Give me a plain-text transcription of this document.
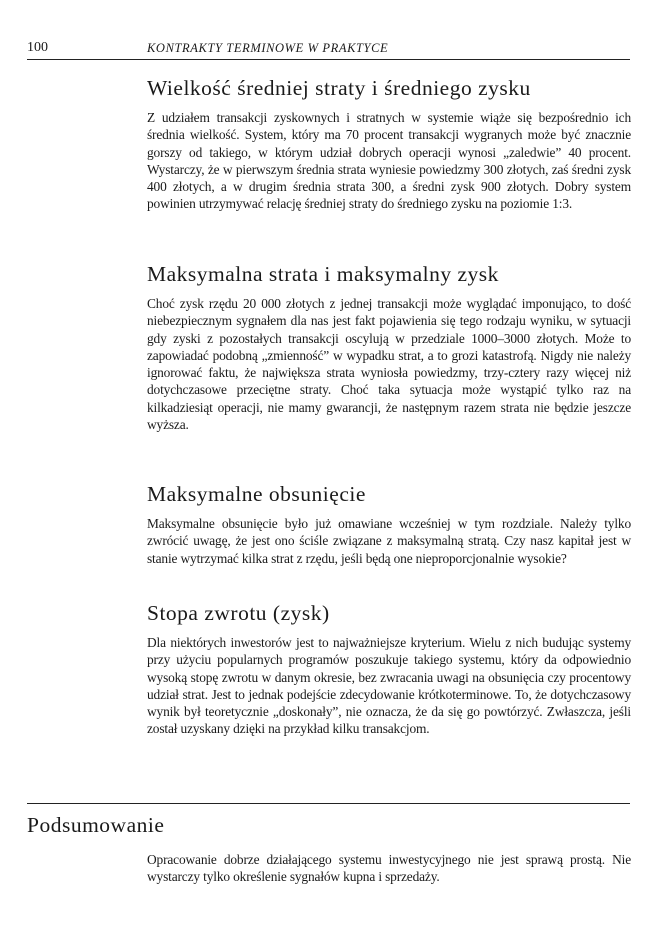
100	KONTRAKTY TERMINOWE W PRAKTYCE
Wielkość średniej straty i średniego zysku

Z udziałem transakcji zyskownych i stratnych w systemie wiąże się bezpośrednio ich średnia wielkość. System, który ma 70 procent transakcji wygranych może być znacznie gorszy od takiego, w którym udział dobrych operacji wynosi „zaledwie” 40 procent. Wystarczy, że w pierwszym średnia strata wyniesie powiedzmy 300 złotych, zaś średni zysk 400 złotych, a w drugim średnia strata 300, a średni zysk 900 złotych. Dobry system powinien utrzymywać relację średniej straty do średniego zysku na poziomie 1:3.

Maksymalna strata i maksymalny zysk

Choć zysk rzędu 20 000 złotych z jednej transakcji może wyglądać imponująco, to dość niebezpiecznym sygnałem dla nas jest fakt pojawienia się tego rodzaju wyniku, w sytuacji gdy zyski z pozostałych transakcji oscylują w przedziale 1000–3000 złotych. Może to zapowiadać podobną „zmienność” w wypadku strat, a to grozi katastrofą. Nigdy nie należy ignorować faktu, że największa strata wyniosła powiedzmy, trzy-cztery razy więcej niż dotychczasowe przeciętne straty. Choć taka sytuacja może wystąpić tylko raz na kilkadziesiąt operacji, nie mamy gwarancji, że następnym razem strata nie będzie jeszcze wyższa.

Maksymalne obsunięcie

Maksymalne obsunięcie było już omawiane wcześniej w tym rozdziale. Należy tylko zwrócić uwagę, że jest ono ściśle związane z maksymalną stratą. Czy nasz kapitał jest w stanie wytrzymać kilka strat z rzędu, jeśli będą one nieproporcjonalnie wysokie?

Stopa zwrotu (zysk)

Dla niektórych inwestorów jest to najważniejsze kryterium. Wielu z nich budując systemy przy użyciu popularnych programów poszukuje takiego systemu, który da odpowiednio wysoką stopę zwrotu w danym okresie, bez zwracania uwagi na obsunięcia czy procentowy udział strat. Jest to jednak podejście zdecydowanie krótkoterminowe. To, że dotychczasowy wynik był teoretycznie „doskonały”, nie oznacza, że da się go powtórzyć. Zwłaszcza, jeśli został uzyskany dzięki na przykład kilku transakcjom.

Podsumowanie

Opracowanie dobrze działającego systemu inwestycyjnego nie jest sprawą prostą. Nie wystarczy tylko określenie sygnałów kupna i sprzedaży.
